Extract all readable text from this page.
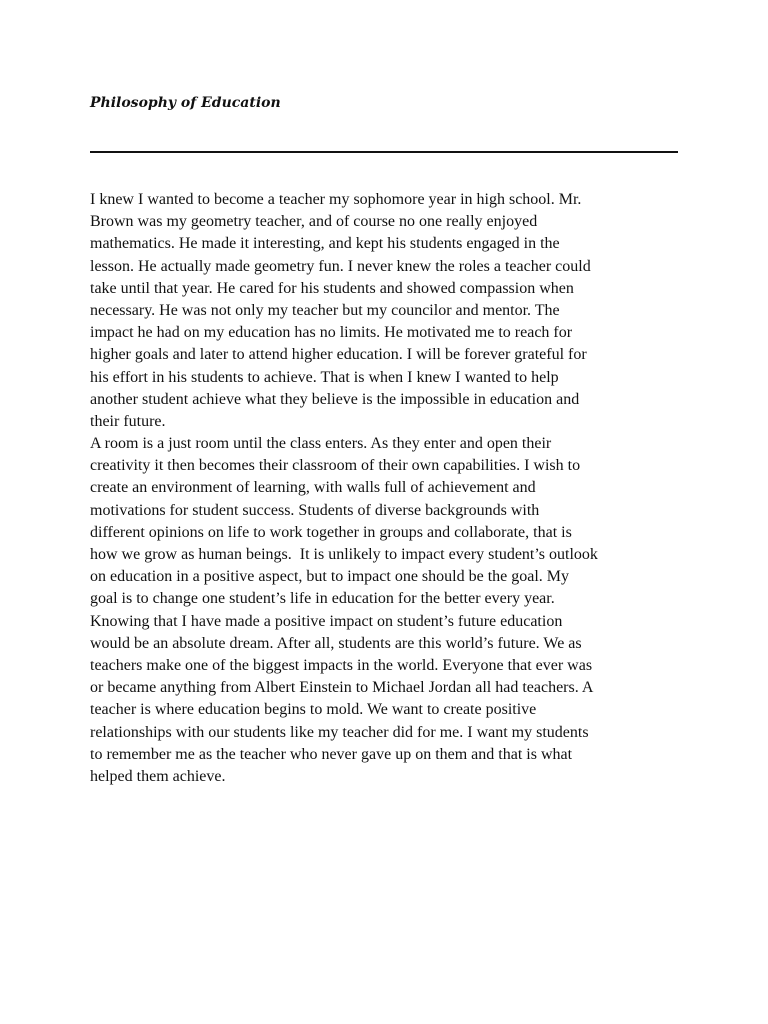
Philosophy of Education
I knew I wanted to become a teacher my sophomore year in high school. Mr.
Brown was my geometry teacher, and of course no one really enjoyed
mathematics. He made it interesting, and kept his students engaged in the
lesson. He actually made geometry fun. I never knew the roles a teacher could
take until that year. He cared for his students and showed compassion when
necessary. He was not only my teacher but my councilor and mentor. The
impact he had on my education has no limits. He motivated me to reach for
higher goals and later to attend higher education. I will be forever grateful for
his effort in his students to achieve. That is when I knew I wanted to help
another student achieve what they believe is the impossible in education and
their future.
A room is a just room until the class enters. As they enter and open their
creativity it then becomes their classroom of their own capabilities. I wish to
create an environment of learning, with walls full of achievement and
motivations for student success. Students of diverse backgrounds with
different opinions on life to work together in groups and collaborate, that is
how we grow as human beings.  It is unlikely to impact every student’s outlook
on education in a positive aspect, but to impact one should be the goal. My
goal is to change one student’s life in education for the better every year.
Knowing that I have made a positive impact on student’s future education
would be an absolute dream. After all, students are this world’s future. We as
teachers make one of the biggest impacts in the world. Everyone that ever was
or became anything from Albert Einstein to Michael Jordan all had teachers. A
teacher is where education begins to mold. We want to create positive
relationships with our students like my teacher did for me. I want my students
to remember me as the teacher who never gave up on them and that is what
helped them achieve.
